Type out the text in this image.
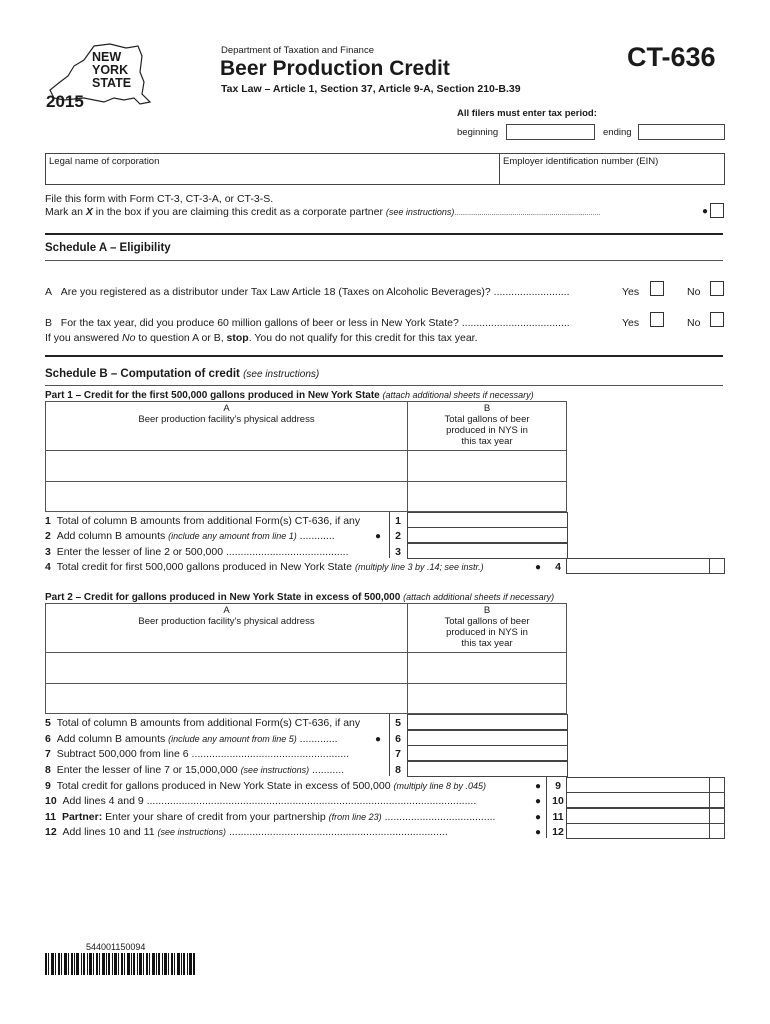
NEW
YORK
STATE
2015
Department of Taxation and Finance
Beer Production Credit	CT-636
Tax Law – Article 1, Section 37, Article 9-A, Section 210-B.39
All filers must enter tax period:
beginning	ending
Legal name of corporation	Employer identification number (EIN)
File this form with Form CT-3, CT-3-A, or CT-3-S.
Mark an X in the box if you are claiming this credit as a corporate partner (see instructions)...........................................................................	●
Schedule A – Eligibility
A Are you registered as a distributor under Tax Law Article 18 (Taxes on Alcoholic Beverages)? ..........................	Yes	No
B For the tax year, did you produce 60 million gallons of beer or less in New York State? .....................................	Yes	No
If you answered No to question A or B, stop. You do not qualify for this credit for this tax year.
Schedule B – Computation of credit (see instructions)
Part 1 – Credit for the first 500,000 gallons produced in New York State (attach additional sheets if necessary)
A
Beer production facility’s physical address
B
Total gallons of beer
produced in NYS in
this tax year
1 Total of column B amounts from additional Form(s) CT-636, if any	1
2 Add column B amounts (include any amount from line 1) ............	● 2
3 Enter the lesser of line 2 or 500,000 ..........................................	3
4 Total credit for first 500,000 gallons produced in New York State (multiply line 3 by .14; see instr.)	● 4
Part 2 – Credit for gallons produced in New York State in excess of 500,000 (attach additional sheets if necessary)
A
Beer production facility’s physical address
B
Total gallons of beer
produced in NYS in
this tax year
5 Total of column B amounts from additional Form(s) CT-636, if any	5
6 Add column B amounts (include any amount from line 5) .............	● 6
7 Subtract 500,000 from line 6 ......................................................	7
8 Enter the lesser of line 7 or 15,000,000 (see instructions) ...........	8
9 Total credit for gallons produced in New York State in excess of 500,000 (multiply line 8 by .045)	● 9
10 Add lines 4 and 9 .................................................................................................................	● 10
11 Partner: Enter your share of credit from your partnership (from line 23) ......................................	● 11
12 Add lines 10 and 11 (see instructions) ...........................................................................	● 12
544001150094
